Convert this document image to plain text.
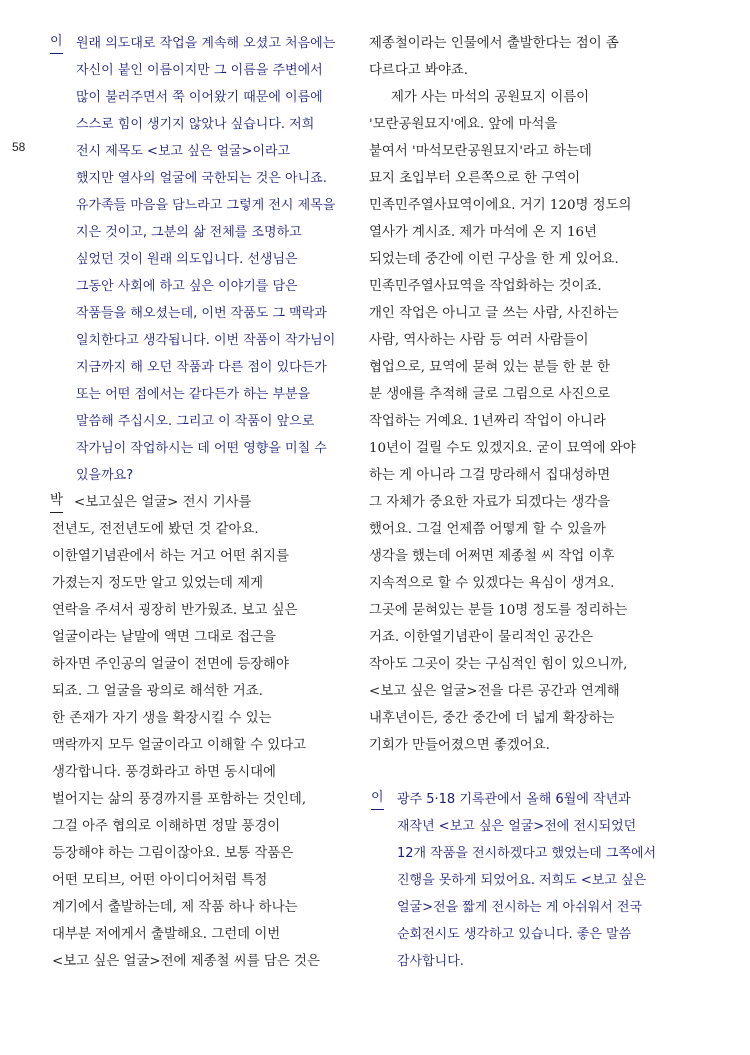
58
이 원래 의도대로 작업을 계속해 오셨고 처음에는
자신이 붙인 이름이지만 그 이름을 주변에서
많이 불러주면서 쭉 이어왔기 때문에 이름에
스스로 힘이 생기지 않았나 싶습니다. 저희
전시 제목도 <보고 싶은 얼굴>이라고
했지만 열사의 얼굴에 국한되는 것은 아니죠.
유가족들 마음을 담느라고 그렇게 전시 제목을
지은 것이고, 그분의 삶 전체를 조명하고
싶었던 것이 원래 의도입니다. 선생님은
그동안 사회에 하고 싶은 이야기를 담은
작품들을 해오셨는데, 이번 작품도 그 맥락과
일치한다고 생각됩니다. 이번 작품이 작가님이
지금까지 해 오던 작품과 다른 점이 있다든가
또는 어떤 점에서는 같다든가 하는 부분을
말씀해 주십시오. 그리고 이 작품이 앞으로
작가님이 작업하시는 데 어떤 영향을 미칠 수
있을까요?
박 <보고싶은 얼굴> 전시 기사를
전년도, 전전년도에 봤던 것 같아요.
이한열기념관에서 하는 거고 어떤 취지를
가졌는지 정도만 알고 있었는데 제게
연락을 주셔서 굉장히 반가웠죠. 보고 싶은
얼굴이라는 낱말에 액면 그대로 접근을
하자면 주인공의 얼굴이 전면에 등장해야
되죠. 그 얼굴을 광의로 해석한 거죠.
한 존재가 자기 생을 확장시킬 수 있는
맥락까지 모두 얼굴이라고 이해할 수 있다고
생각합니다. 풍경화라고 하면 동시대에
벌어지는 삶의 풍경까지를 포함하는 것인데,
그걸 아주 협의로 이해하면 정말 풍경이
등장해야 하는 그림이잖아요. 보통 작품은
어떤 모티브, 어떤 아이디어처럼 특정
계기에서 출발하는데, 제 작품 하나 하나는
대부분 저에게서 출발해요. 그런데 이번
<보고 싶은 얼굴>전에 제종철 씨를 담은 것은
제종철이라는 인물에서 출발한다는 점이 좀
다르다고 봐야죠.
제가 사는 마석의 공원묘지 이름이
'모란공원묘지'에요. 앞에 마석을
붙여서 '마석모란공원묘지'라고 하는데
묘지 초입부터 오른쪽으로 한 구역이
민족민주열사묘역이에요. 거기 120명 정도의
열사가 계시죠. 제가 마석에 온 지 16년
되었는데 중간에 이런 구상을 한 게 있어요.
민족민주열사묘역을 작업화하는 것이죠.
개인 작업은 아니고 글 쓰는 사람, 사진하는
사람, 역사하는 사람 등 여러 사람들이
협업으로, 묘역에 묻혀 있는 분들 한 분 한
분 생애를 추적해 글로 그림으로 사진으로
작업하는 거예요. 1년짜리 작업이 아니라
10년이 걸릴 수도 있겠지요. 굳이 묘역에 와야
하는 게 아니라 그걸 망라해서 집대성하면
그 자체가 중요한 자료가 되겠다는 생각을
했어요. 그걸 언제쯤 어떻게 할 수 있을까
생각을 했는데 어쩌면 제종철 씨 작업 이후
지속적으로 할 수 있겠다는 욕심이 생겨요.
그곳에 묻혀있는 분들 10명 정도를 정리하는
거죠. 이한열기념관이 물리적인 공간은
작아도 그곳이 갖는 구심적인 힘이 있으니까,
<보고 싶은 얼굴>전을 다른 공간과 연계해
내후년이든, 중간 중간에 더 넓게 확장하는
기회가 만들어졌으면 좋겠어요.
이 광주 5·18 기록관에서 올해 6월에 작년과
재작년 <보고 싶은 얼굴>전에 전시되었던
12개 작품을 전시하겠다고 했었는데 그쪽에서
진행을 못하게 되었어요. 저희도 <보고 싶은
얼굴>전을 짧게 전시하는 게 아쉬워서 전국
순회전시도 생각하고 있습니다. 좋은 말씀
감사합니다.
